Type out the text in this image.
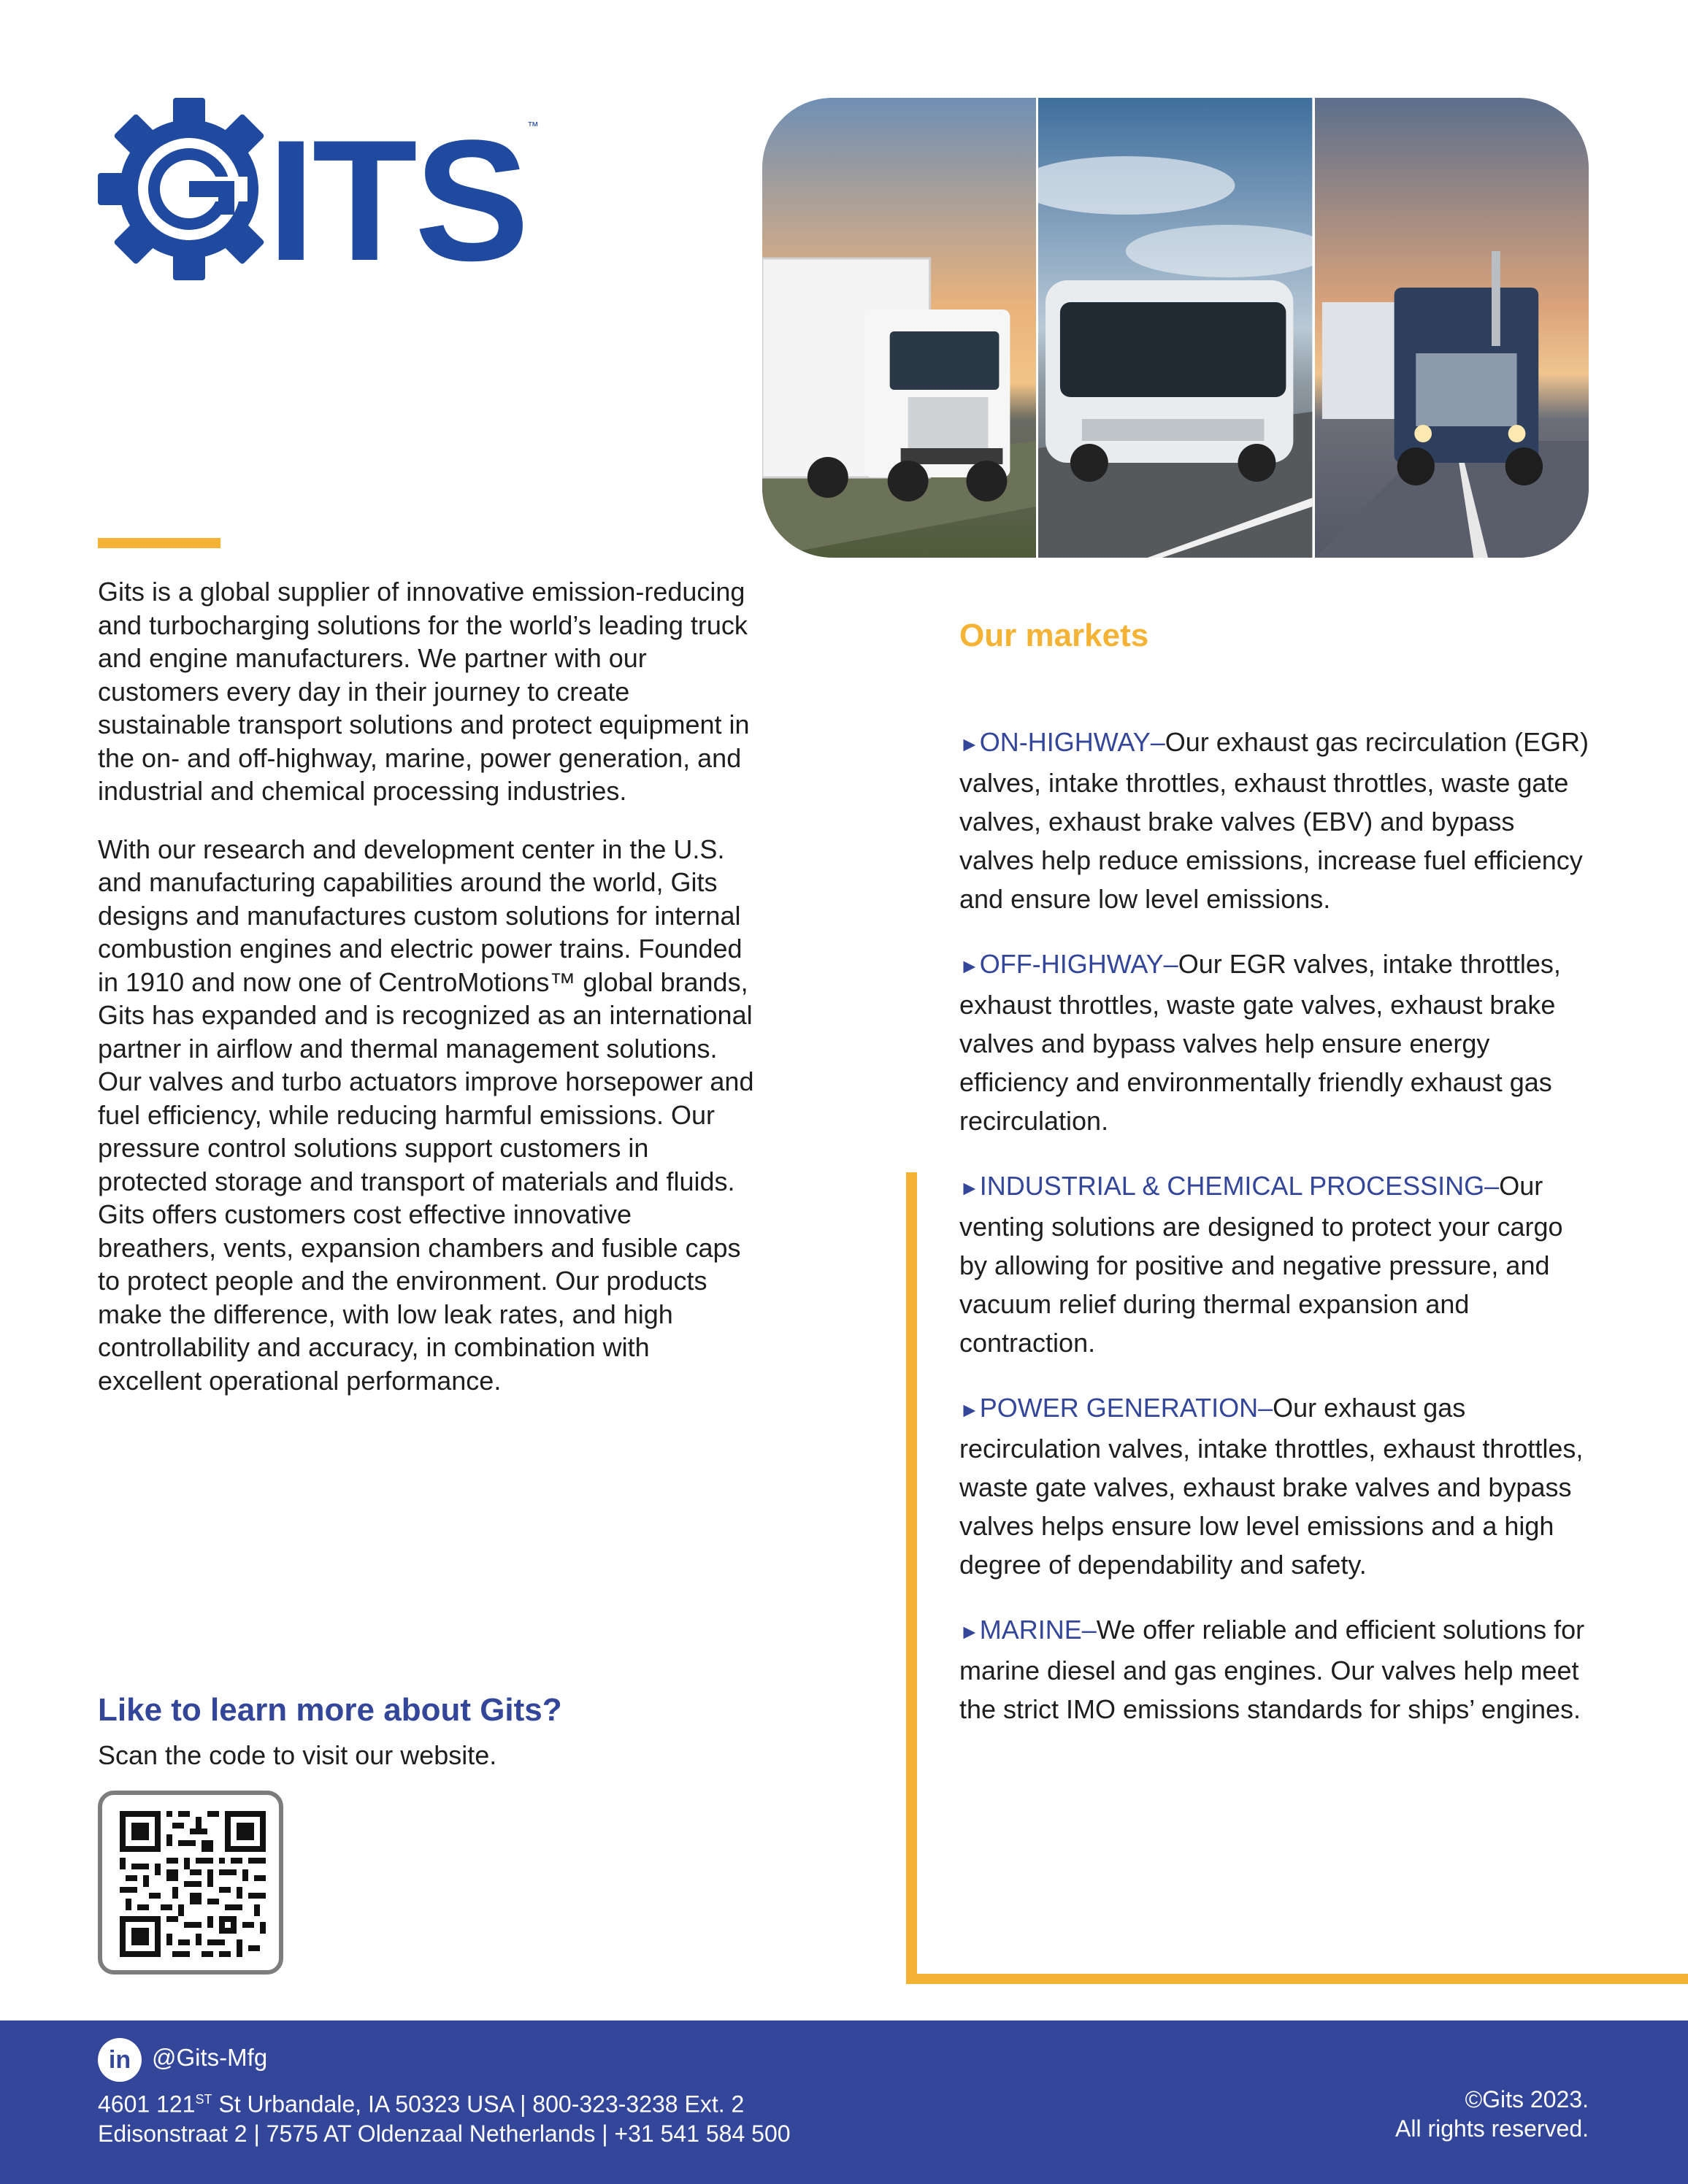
ITS ™

Gits is a global supplier of innovative emission-reducing and turbocharging solutions for the world’s leading truck and engine manufacturers. We partner with our customers every day in their journey to create sustainable transport solutions and protect equipment in the on- and off-highway, marine, power generation, and industrial and chemical processing industries.

With our research and development center in the U.S. and manufacturing capabilities around the world, Gits designs and manufactures custom solutions for internal combustion engines and electric power trains. Founded in 1910 and now one of CentroMotions™ global brands, Gits has expanded and is recognized as an international partner in airflow and thermal management solutions. Our valves and turbo actuators improve horsepower and fuel efficiency, while reducing harmful emissions. Our pressure control solutions support customers in protected storage and transport of materials and fluids. Gits offers customers cost effective innovative breathers, vents, expansion chambers and fusible caps to protect people and the environment. Our products make the difference, with low leak rates, and high controllability and accuracy, in combination with excellent operational performance.

Like to learn more about Gits?
Scan the code to visit our website.
Our markets
►ON-HIGHWAY–Our exhaust gas recirculation (EGR) valves, intake throttles, exhaust throttles, waste gate valves, exhaust brake valves (EBV) and bypass valves help reduce emissions, increase fuel efficiency and ensure low level emissions.
►OFF-HIGHWAY–Our EGR valves, intake throttles, exhaust throttles, waste gate valves, exhaust brake valves and bypass valves help ensure energy efficiency and environmentally friendly exhaust gas recirculation.
►INDUSTRIAL & CHEMICAL PROCESSING–Our venting solutions are designed to protect your cargo by allowing for positive and negative pressure, and vacuum relief during thermal expansion and contraction.
►POWER GENERATION–Our exhaust gas recirculation valves, intake throttles, exhaust throttles, waste gate valves, exhaust brake valves and bypass valves helps ensure low level emissions and a high degree of dependability and safety.
►MARINE–We offer reliable and efficient solutions for marine diesel and gas engines. Our valves help meet the strict IMO emissions standards for ships’ engines.
in @Gits-Mfg
4601 121ST St Urbandale, IA 50323 USA | 800-323-3238 Ext. 2
Edisonstraat 2 | 7575 AT Oldenzaal Netherlands | +31 541 584 500
©Gits 2023.
All rights reserved.
